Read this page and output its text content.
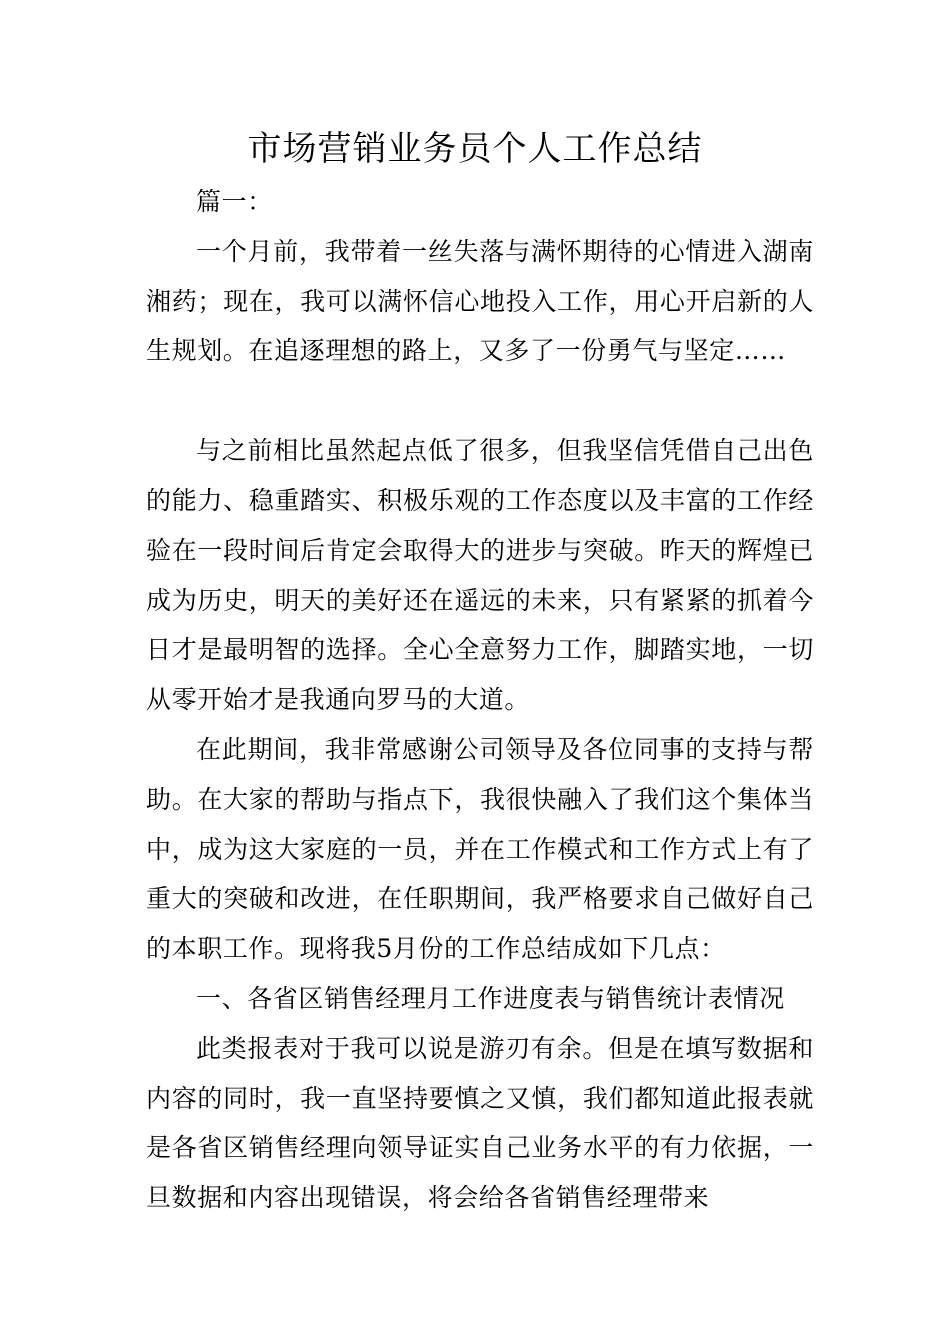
市场营销业务员个人工作总结

篇一：

一个月前，我带着一丝失落与满怀期待的心情进入湖南湘药；现在，我可以满怀信心地投入工作，用心开启新的人生规划。在追逐理想的路上，又多了一份勇气与坚定……

与之前相比虽然起点低了很多，但我坚信凭借自己出色的能力、稳重踏实、积极乐观的工作态度以及丰富的工作经验在一段时间后肯定会取得大的进步与突破。昨天的辉煌已成为历史，明天的美好还在遥远的未来，只有紧紧的抓着今日才是最明智的选择。全心全意努力工作，脚踏实地，一切从零开始才是我通向罗马的大道。

在此期间，我非常感谢公司领导及各位同事的支持与帮助。在大家的帮助与指点下，我很快融入了我们这个集体当中，成为这大家庭的一员，并在工作模式和工作方式上有了重大的突破和改进，在任职期间，我严格要求自己做好自己的本职工作。现将我5月份的工作总结成如下几点：

一、各省区销售经理月工作进度表与销售统计表情况

此类报表对于我可以说是游刃有余。但是在填写数据和内容的同时，我一直坚持要慎之又慎，我们都知道此报表就是各省区销售经理向领导证实自己业务水平的有力依据，一旦数据和内容出现错误，将会给各省销售经理带来
